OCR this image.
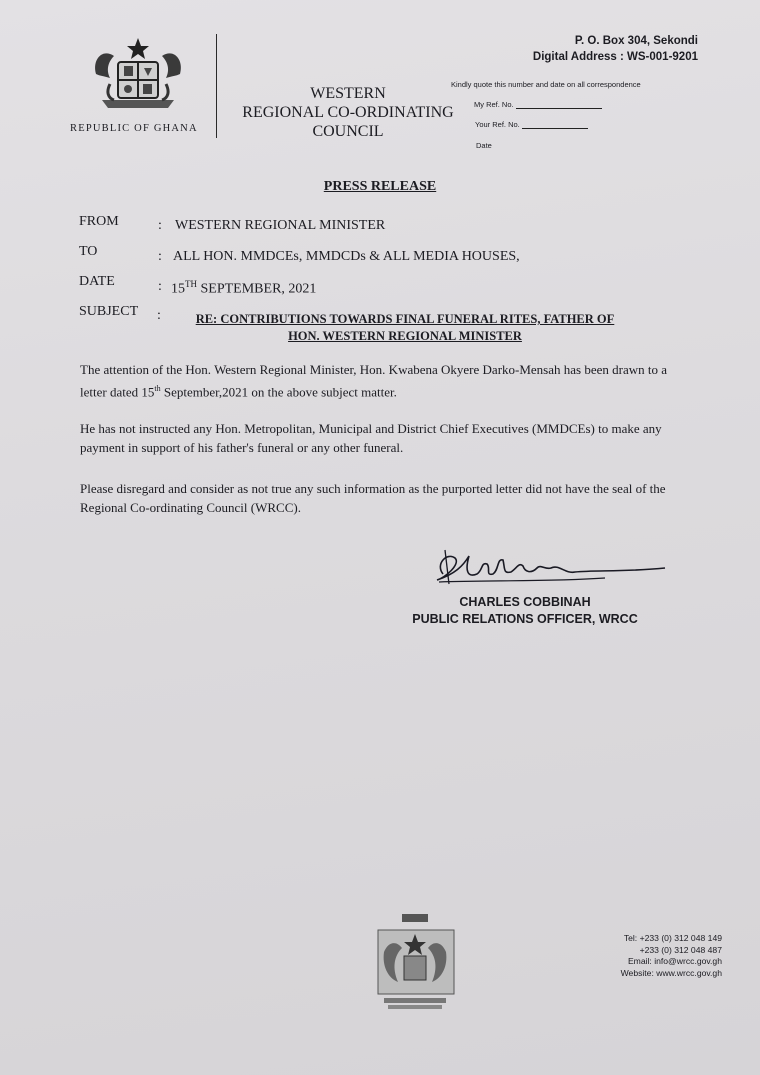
REPUBLIC OF GHANA
WESTERN
REGIONAL CO-ORDINATING
COUNCIL
P. O. Box 304, Sekondi
Digital Address : WS-001-9201
Kindly quote this number and date on all correspondence
My Ref. No.
Your Ref. No.
Date
PRESS RELEASE
FROM	: WESTERN REGIONAL MINISTER
TO	: ALL HON. MMDCEs, MMDCDs & ALL MEDIA HOUSES,
DATE	: 15TH SEPTEMBER, 2021
SUBJECT :	RE: CONTRIBUTIONS TOWARDS FINAL FUNERAL RITES, FATHER OF
HON. WESTERN REGIONAL MINISTER
The attention of the Hon. Western Regional Minister, Hon. Kwabena Okyere Darko-Mensah has been drawn to a letter dated 15th September,2021 on the above subject matter.
He has not instructed any Hon. Metropolitan, Municipal and District Chief Executives (MMDCEs) to make any payment in support of his father's funeral or any other funeral.
Please disregard and consider as not true any such information as the purported letter did not have the seal of the Regional Co-ordinating Council (WRCC).
CHARLES COBBINAH
PUBLIC RELATIONS OFFICER, WRCC
Tel: +233 (0) 312 048 149
+233 (0) 312 048 487
Email: info@wrcc.gov.gh
Website: www.wrcc.gov.gh
